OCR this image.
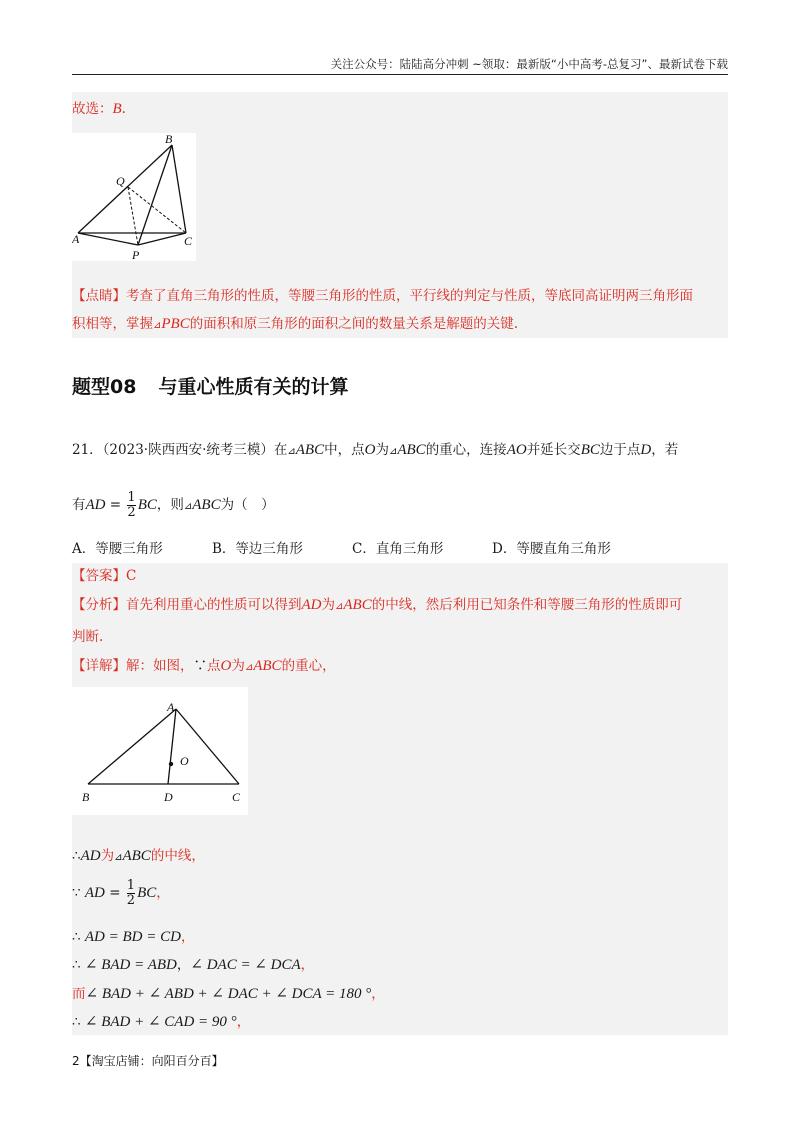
关注公众号：陆陆高分冲刺 ~领取：最新版“小中高考-总复习”、最新试卷下载
故选：B.
B
Q
A	C
P
【点睛】考查了直角三角形的性质，等腰三角形的性质，平行线的判定与性质，等底同高证明两三角形面
积相等，掌握⊿PBC的面积和原三角形的面积之间的数量关系是解题的关键.
题型08 与重心性质有关的计算
21．（2023·陕西西安·统考三模）在⊿ABC中，点O为⊿ABC的重心，连接AO并延长交BC边于点D，若
有AD = $\frac{1}{2}$ BC，则⊿ABC为（　）
A．等腰三角形	B．等边三角形	C．直角三角形	D．等腰直角三角形
【答案】C
【分析】首先利用重心的性质可以得到AD为⊿ABC的中线，然后利用已知条件和等腰三角形的性质即可
判断.
【详解】解：如图，∵点O为⊿ABC的重心，
A
O
B	D	C
∴AD为⊿ABC的中线，
∵ AD = $\frac{1}{2}$ BC，
∴ AD = BD = CD，
∴ ∠ BAD = ABD，∠ DAC = ∠ DCA，
而∠ BAD + ∠ ABD + ∠ DAC + ∠ DCA = 180 °，
∴ ∠ BAD + ∠ CAD = 90 °，
2【淘宝店铺：向阳百分百】
